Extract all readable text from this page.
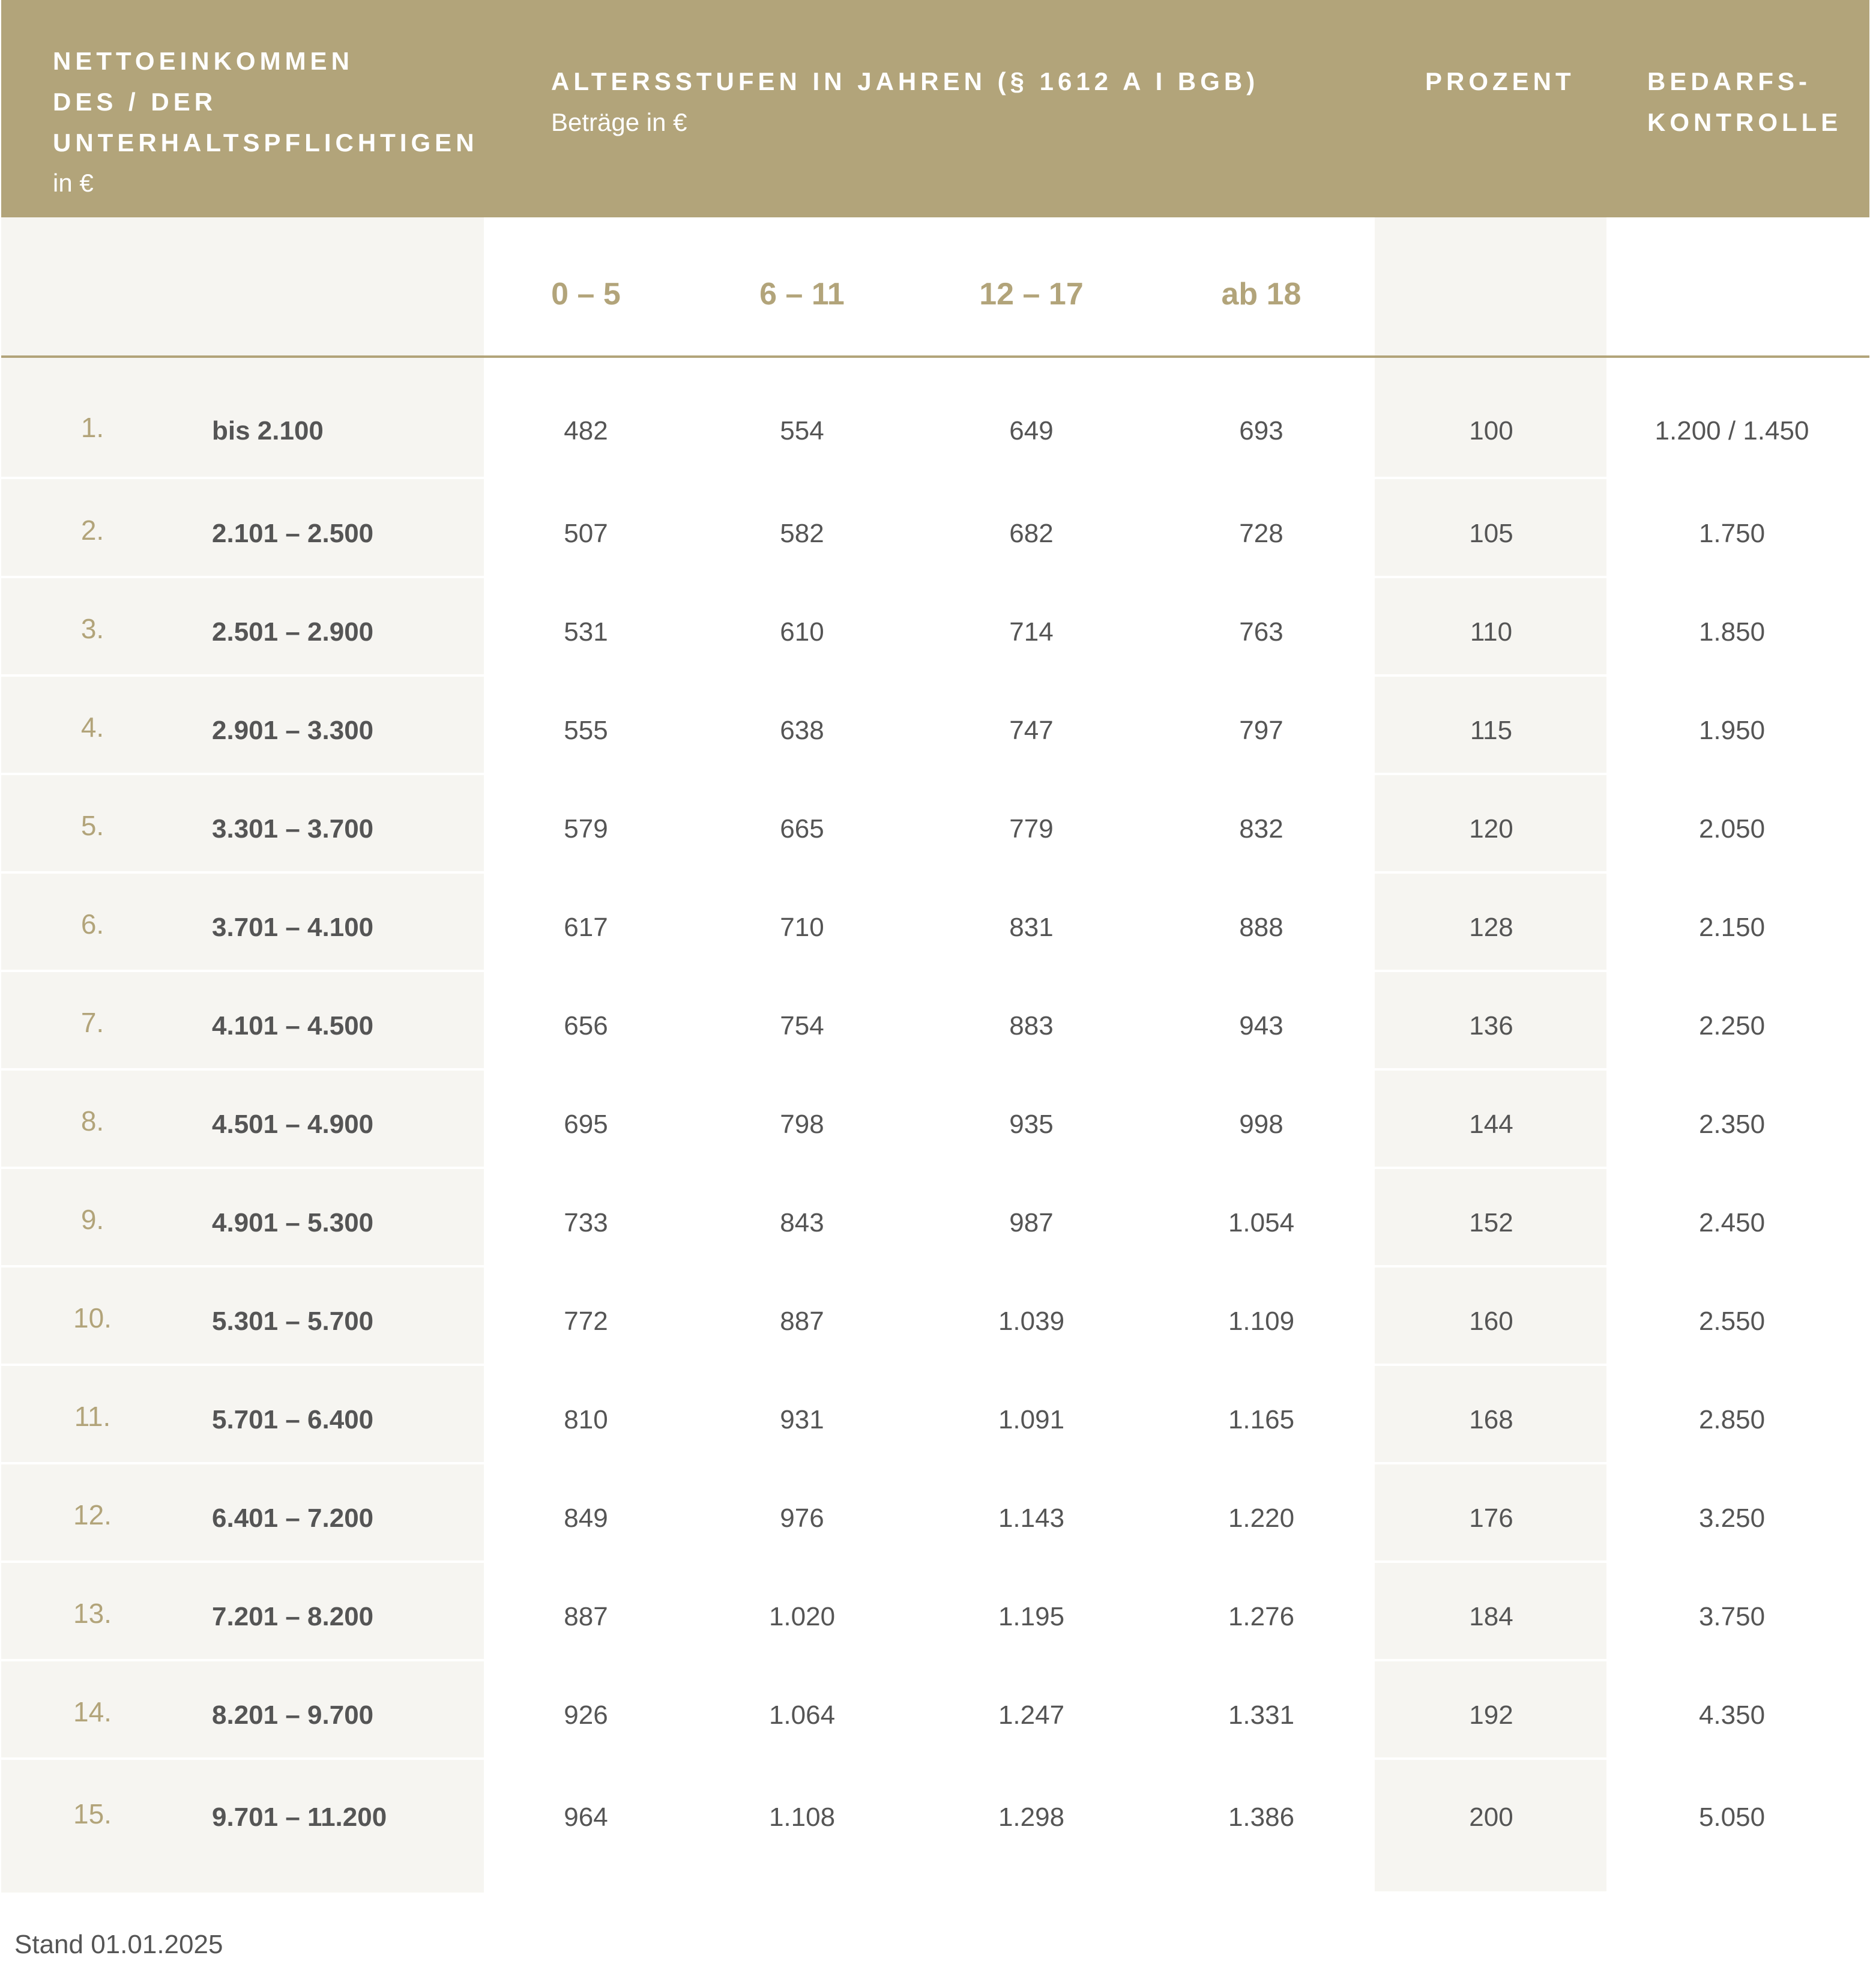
NETTOEINKOMMEN
DES / DER
UNTERHALTSPFLICHTIGEN
in €
ALTERSSTUFEN IN JAHREN (§ 1612 A I BGB)
Beträge in €
PROZENT	BEDARFS-
KONTROLLE
0 – 5	6 – 11	12 – 17	ab 18
1.	bis 2.100	482	554	649	693	100	1.200 / 1.450
2.	2.101 – 2.500	507	582	682	728	105	1.750
3.	2.501 – 2.900	531	610	714	763	110	1.850
4.	2.901 – 3.300	555	638	747	797	115	1.950
5.	3.301 – 3.700	579	665	779	832	120	2.050
6.	3.701 – 4.100	617	710	831	888	128	2.150
7.	4.101 – 4.500	656	754	883	943	136	2.250
8.	4.501 – 4.900	695	798	935	998	144	2.350
9.	4.901 – 5.300	733	843	987	1.054	152	2.450
10.	5.301 – 5.700	772	887	1.039	1.109	160	2.550
11.	5.701 – 6.400	810	931	1.091	1.165	168	2.850
12.	6.401 – 7.200	849	976	1.143	1.220	176	3.250
13.	7.201 – 8.200	887	1.020	1.195	1.276	184	3.750
14.	8.201 – 9.700	926	1.064	1.247	1.331	192	4.350
15.	9.701 – 11.200	964	1.108	1.298	1.386	200	5.050
Stand 01.01.2025
